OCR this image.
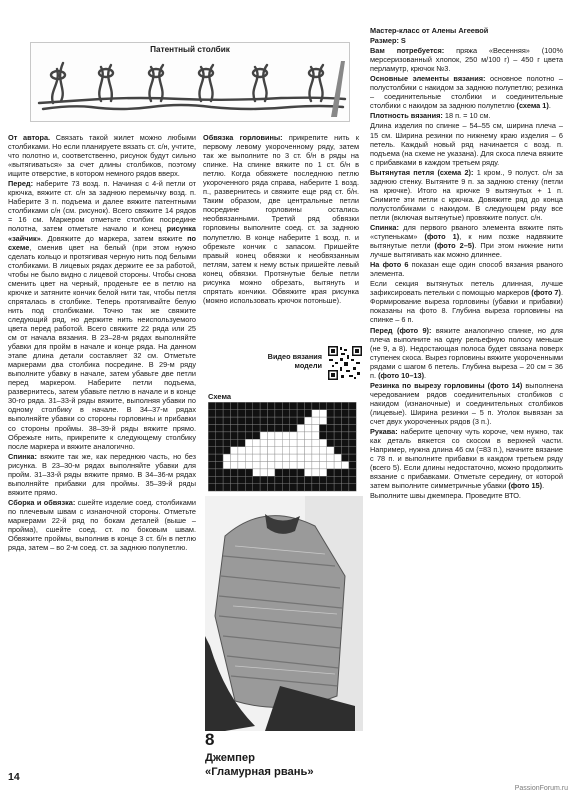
Патентный столбик
От автора. Связать такой жилет можно любыми столбиками. Но если планируете вязать ст. с/н, учтите, что полотно и, соответственно, рисунок будут сильно «вытягиваться» за счет длины столбиков, поэтому ищите отверстие, в котором немного рядов вверх.
Перед: наберите 73 возд. п. Начиная с 4-й петли от крючка, вяжите ст. с/н за заднюю перемычку возд. п. Наберите 3 п. подъема и далее вяжите патентными столбиками с/н (см. рисунок). Всего свяжите 14 рядов = 16 см. Маркером отметьте столбик посредине полотна, затем отметьте начало и конец рисунка «зайчик». Довяжите до маркера, затем вяжите по схеме, сменив цвет на белый (при этом нужно сделать кольцо и протягивая черную нить под белыми столбиками. В лицевых рядах держите ее за работой, чтобы не было видно с лицевой стороны. Чтобы снова сменить цвет на черный, проденьте ее в петлю на крючке и затяните кончик белой нити так, чтобы петля спряталась в столбике. Теперь протягивайте белую нить под столбиками. Точно так же свяжите следующий ряд, но держите нить неиспользуемого цвета перед работой. Всего свяжите 22 ряда или 25 см от начала вязания. В 23–28-м рядах выполняйте убавки для пройм в начале и конце ряда. На данном этапе длина детали составляет 32 см. Отметьте маркерами два столбика посредине. В 29-м ряду выполните убавку в начале, затем убавьте две петли перед маркером. Наберите петли подъема, развернитесь, затем убавьте петлю в начале и в конце 30-го ряда. 31–33-й ряды вяжите, выполняя убавки по одному столбику в начале. В 34–37-м рядах выполняйте убавки со стороны горловины и прибавки со стороны проймы. 38–39-й ряды вяжите прямо. Обрежьте нить, прикрепите к следующему столбику после маркера и вяжите аналогично.
Спинка: вяжите так же, как переднюю часть, но без рисунка. В 23–30-м рядах выполняйте убавки для пройм. 31–33-й ряды вяжите прямо. В 34–36-м рядах выполняйте прибавки для проймы. 35–39-й ряды вяжите прямо.
Сборка и обвязка: сшейте изделие соед. столбиками по плечевым швам с изнаночной стороны. Отметьте маркерами 22-й ряд по бокам деталей (выше – пройма), сшейте соед. ст. по боковым швам. Обвяжите проймы, выполнив в конце 3 ст. б/н в петлю ряда, затем – во 2-м соед. ст. за заднюю полупетлю.
Обвязка горловины: прикрепите нить к первому левому укороченному ряду, затем так же выполните по 3 ст. б/н в ряды на спинке. На спинке вяжите по 1 ст. б/н в петлю. Когда обвяжете последнюю петлю укороченного ряда справа, наберите 1 возд. п., развернитесь и свяжите еще ряд ст. б/н. Таким образом, две центральные петли посредине горловины остались необвязанными. Третий ряд обвязки горловины выполните соед. ст. за заднюю полупетлю. В конце наберите 1 возд. п. и обрежьте кончик с запасом. Пришейте правый конец обвязки к необвязанным петлям, затем к нему встык пришейте левый конец обвязки. Протянутые белые петли рисунка можно обрезать, вытянуть и спрятать кончики. Обвяжите края рисунка (можно использовать крючок потоньше).
Мастер-класс от Алены Агеевой
Размер: S
Вам потребуется: пряжа «Весенняя» (100% мерсеризованный хлопок, 250 м/100 г) – 450 г цвета перламутр, крючок №3.
Основные элементы вязания: основное полотно – полустолбики с накидом за заднюю полупетлю; резинка – соединительные столбики и соединительные столбики с накидом за заднюю полупетлю (схема 1).
Плотность вязания: 18 п. = 10 см.
Длина изделия по спинке – 54–55 см, ширина плеча – 15 см. Ширина резинки по нижнему краю изделия – 6 петель. Каждый новый ряд начинается с возд. п. подъема (на схеме не указана). Для скоса плеча вяжите с прибавками в каждом третьем ряду.
Вытянутая петля (схема 2): 1 кром., 9 полуст. с/н за заднюю стенку. Вытяните 9 п. за заднюю стенку (петли на крючке). Итого на крючке 9 вытянутых + 1 п. Снимите эти петли с крючка. Довяжите ряд до конца полустолбиками с накидом. В следующем ряду все петли (включая вытянутые) провяжите полуст. с/н.
Спинка: для первого рваного элемента вяжите пять «ступенькам» (фото 1), к ним позже надвяжите вытянутые петли (фото 2–5). При этом нижние нити лучше вытягивать как можно длиннее.
На фото 6 показан еще один способ вязания рваного элемента.
Если секция вытянутых петель длинная, лучше зафиксировать петельки с помощью маркеров (фото 7). Формирование выреза горловины (убавки и прибавки) показаны на фото 8. Глубина выреза горловины на спинке – 6 п.
Перед (фото 9): вяжите аналогично спинке, но для плеча выполните на одну рельефную полосу меньше (не 9, а 8). Недостающая полоса будет связана поверх ступенек скоса. Вырез горловины вяжите укороченными рядами с шагом 6 петель. Глубина выреза – 20 см = 36 п. (фото 10–13).
Резинка по вырезу горловины (фото 14) выполнена чередованием рядов соединительных столбиков с накидом (изнаночные) и соединительных столбиков (лицевые). Ширина резинки – 5 п. Уголок вывязан за счет двух укороченных рядов (3 п.).
Рукава: наберите цепочку чуть короче, чем нужно, так как деталь вяжется со скосом в верхней части. Например, нужна длина 46 см (=83 п.), начните вязание с 78 п. и выполните прибавки в каждом третьем ряду (всего 5). Если длины недостаточно, можно продолжить вязание с прибавками. Отметьте середину, от которой затем выполните симметричные убавки (фото 15).
Выполните швы джемпера. Проведите ВТО.
Видео вязания модели
Схема
8
Джемпер
«Гламурная рвань»
14
PassionForum.ru
